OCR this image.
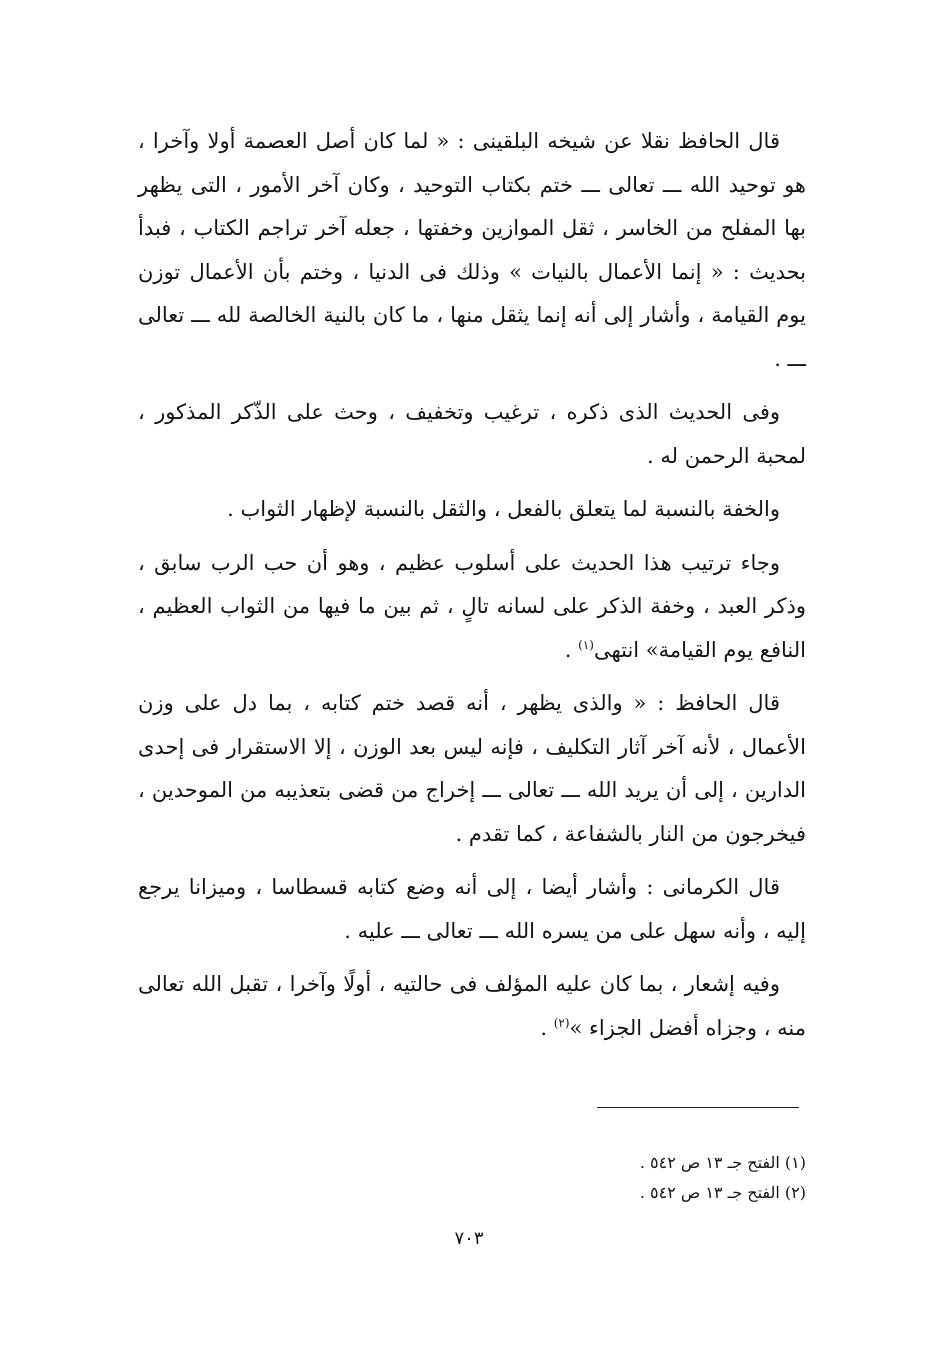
قال الحافظ نقلا عن شيخه البلقينى : « لما كان أصل العصمة أولا وآخرا ، هو توحيد الله ـــ تعالى ـــ ختم بكتاب التوحيد ، وكان آخر الأمور ، التى يظهر بها المفلح من الخاسر ، ثقل الموازين وخفتها ، جعله آخر تراجم الكتاب ، فبدأ بحديث : « إنما الأعمال بالنيات » وذلك فى الدنيا ، وختم بأن الأعمال توزن يوم القيامة ، وأشار إلى أنه إنما يثقل منها ، ما كان بالنية الخالصة لله ـــ تعالى ـــ .

وفى الحديث الذى ذكره ، ترغيب وتخفيف ، وحث على الذّكر المذكور ، لمحبة الرحمن له .

والخفة بالنسبة لما يتعلق بالفعل ، والثقل بالنسبة لإظهار الثواب .

وجاء ترتيب هذا الحديث على أسلوب عظيم ، وهو أن حب الرب سابق ، وذكر العبد ، وخفة الذكر على لسانه تالٍ ، ثم بين ما فيها من الثواب العظيم ، النافع يوم القيامة» انتهى$^{(١)}$ .

قال الحافظ : « والذى يظهر ، أنه قصد ختم كتابه ، بما دل على وزن الأعمال ، لأنه آخر آثار التكليف ، فإنه ليس بعد الوزن ، إلا الاستقرار فى إحدى الدارين ، إلى أن يريد الله ـــ تعالى ـــ إخراج من قضى بتعذيبه من الموحدين ، فيخرجون من النار بالشفاعة ، كما تقدم .

قال الكرمانى : وأشار أيضا ، إلى أنه وضع كتابه قسطاسا ، وميزانا يرجع إليه ، وأنه سهل على من يسره الله ـــ تعالى ـــ عليه .

وفيه إشعار ، بما كان عليه المؤلف فى حالتيه ، أولًا وآخرا ، تقبل الله تعالى منه ، وجزاه أفضل الجزاء »$^{(٢)}$ .

(١) الفتح جـ ١٣ ص ٥٤٢ .
(٢) الفتح جـ ١٣ ص ٥٤٢ .
٧٠٣
